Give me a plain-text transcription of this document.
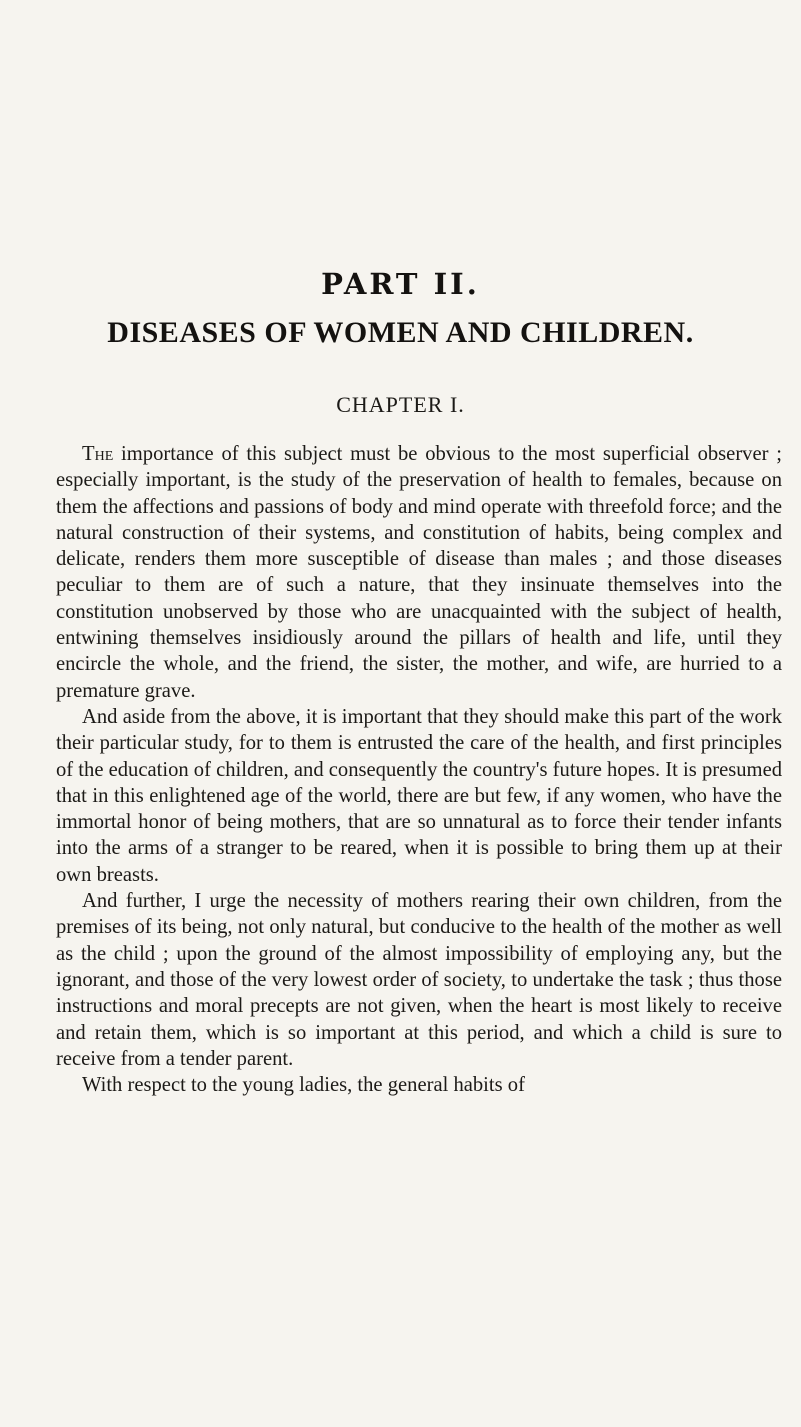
PART II.
DISEASES OF WOMEN AND CHILDREN.
CHAPTER I.

The importance of this subject must be obvious to the most superficial observer ; especially important, is the study of the preservation of health to females, because on them the affections and passions of body and mind operate with threefold force; and the natural construction of their systems, and constitution of habits, being complex and delicate, renders them more susceptible of disease than males ; and those diseases peculiar to them are of such a nature, that they insinuate themselves into the constitution unobserved by those who are unacquainted with the subject of health, entwining themselves insidiously around the pillars of health and life, until they encircle the whole, and the friend, the sister, the mother, and wife, are hurried to a premature grave.

And aside from the above, it is important that they should make this part of the work their particular study, for to them is entrusted the care of the health, and first principles of the education of children, and consequently the country's future hopes. It is presumed that in this enlightened age of the world, there are but few, if any women, who have the immortal honor of being mothers, that are so unnatural as to force their tender infants into the arms of a stranger to be reared, when it is possible to bring them up at their own breasts.

And further, I urge the necessity of mothers rearing their own children, from the premises of its being, not only natural, but conducive to the health of the mother as well as the child ; upon the ground of the almost impossibility of employing any, but the ignorant, and those of the very lowest order of society, to undertake the task ; thus those instructions and moral precepts are not given, when the heart is most likely to receive and retain them, which is so important at this period, and which a child is sure to receive from a tender parent.

With respect to the young ladies, the general habits of
